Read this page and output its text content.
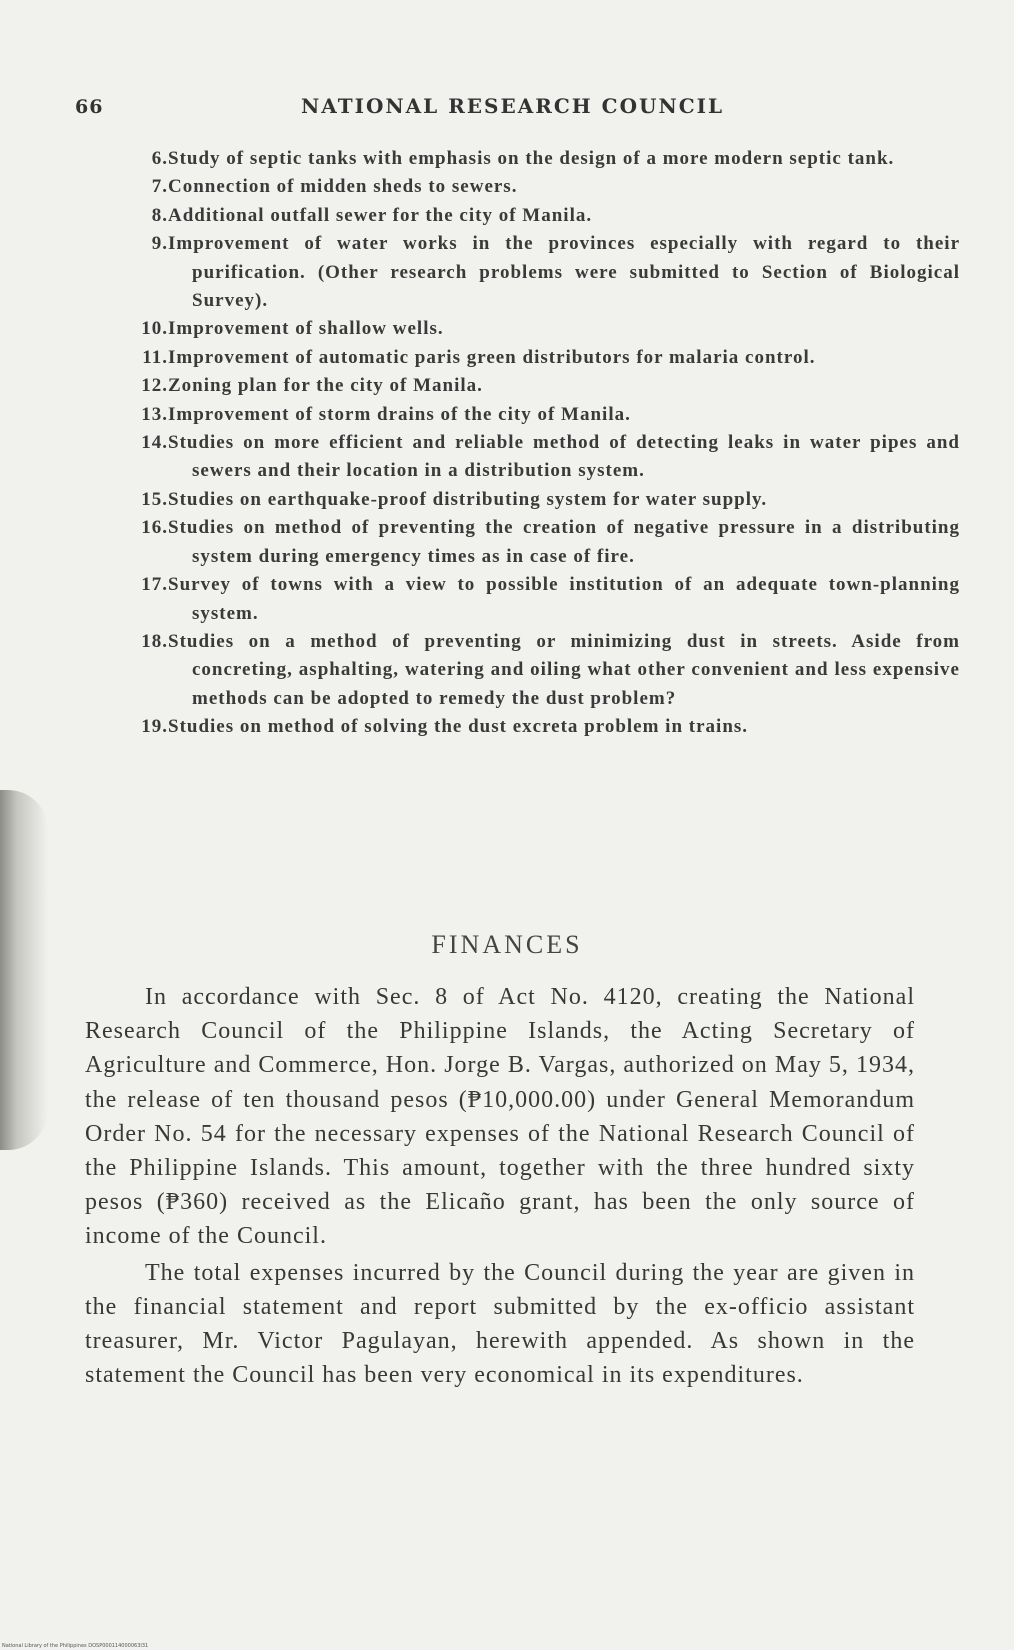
66	NATIONAL RESEARCH COUNCIL
6. Study of septic tanks with emphasis on the design of a more modern septic tank.
7. Connection of midden sheds to sewers.
8. Additional outfall sewer for the city of Manila.
9. Improvement of water works in the provinces especially with regard to their purification. (Other research problems were submitted to Section of Biological Survey).
10. Improvement of shallow wells.
11. Improvement of automatic paris green distributors for malaria control.
12. Zoning plan for the city of Manila.
13. Improvement of storm drains of the city of Manila.
14. Studies on more efficient and reliable method of detecting leaks in water pipes and sewers and their location in a distribution system.
15. Studies on earthquake-proof distributing system for water supply.
16. Studies on method of preventing the creation of negative pressure in a distributing system during emergency times as in case of fire.
17. Survey of towns with a view to possible institution of an adequate town-planning system.
18. Studies on a method of preventing or minimizing dust in streets. Aside from concreting, asphalting, watering and oiling what other convenient and less expensive methods can be adopted to remedy the dust problem?
19. Studies on method of solving the dust excreta problem in trains.
FINANCES

In accordance with Sec. 8 of Act No. 4120, creating the National Research Council of the Philippine Islands, the Acting Secretary of Agriculture and Commerce, Hon. Jorge B. Vargas, authorized on May 5, 1934, the release of ten thousand pesos (₱10,000.00) under General Memorandum Order No. 54 for the necessary expenses of the National Research Council of the Philippine Islands. This amount, together with the three hundred sixty pesos (₱360) received as the Elicaño grant, has been the only source of income of the Council.

The total expenses incurred by the Council during the year are given in the financial statement and report submitted by the ex-officio assistant treasurer, Mr. Victor Pagulayan, herewith appended. As shown in the statement the Council has been very economical in its expenditures.

National Library of the Philippines DOSP000114000063I31
